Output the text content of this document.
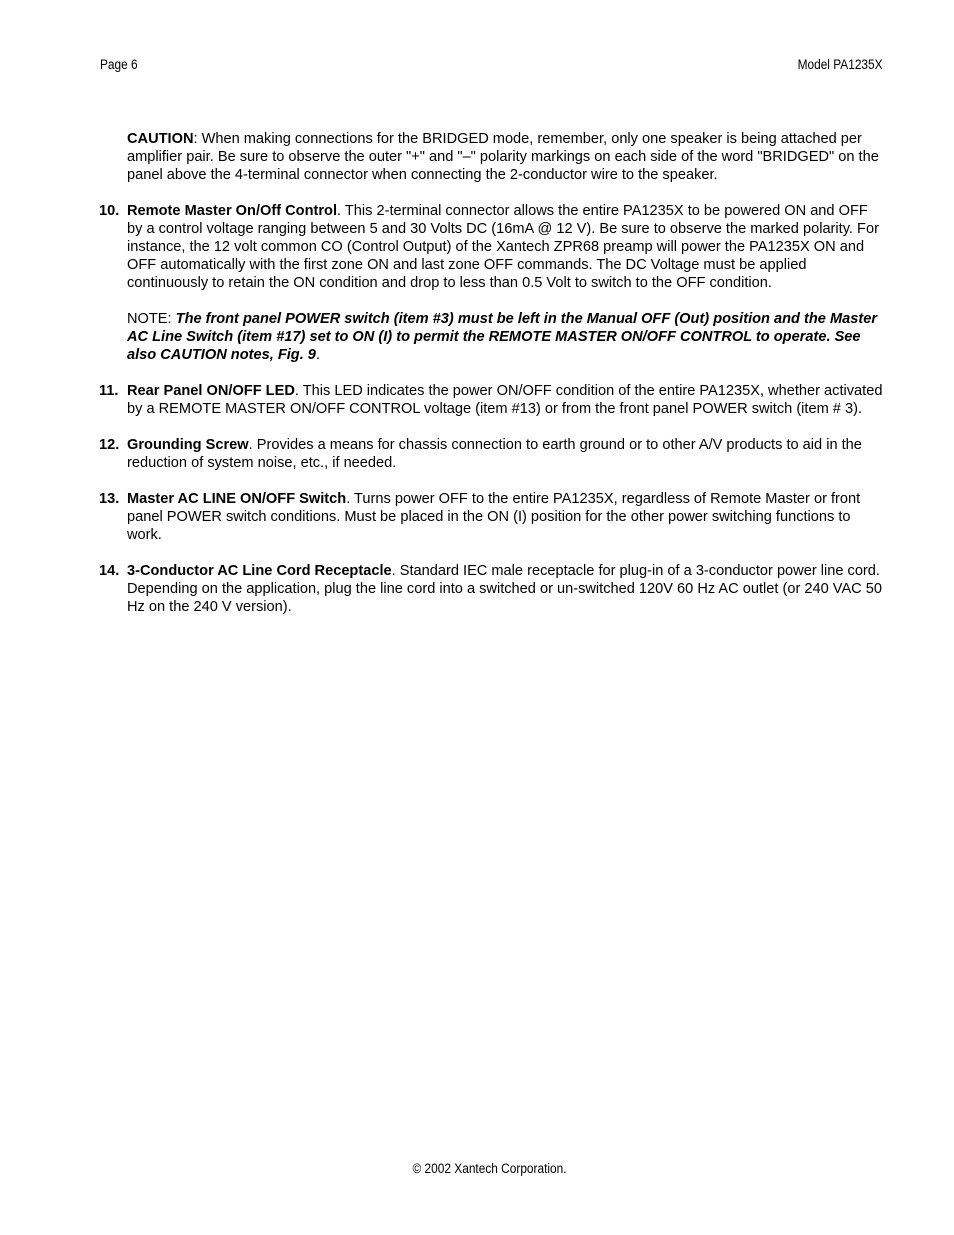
Page 6	Model PA1235X

CAUTION: When making connections for the BRIDGED mode, remember, only one speaker is being attached per amplifier pair. Be sure to observe the outer "+" and "–" polarity markings on each side of the word "BRIDGED" on the panel above the 4-terminal connector when connecting the 2-conductor wire to the speaker.

10. Remote Master On/Off Control. This 2-terminal connector allows the entire PA1235X to be powered ON and OFF by a control voltage ranging between 5 and 30 Volts DC (16mA @ 12 V). Be sure to observe the marked polarity. For instance, the 12 volt common CO (Control Output) of the Xantech ZPR68 preamp will power the PA1235X ON and OFF automatically with the first zone ON and last zone OFF commands. The DC Voltage must be applied continuously to retain the ON condition and drop to less than 0.5 Volt to switch to the OFF condition.
NOTE: The front panel POWER switch (item #3) must be left in the Manual OFF (Out) position and the Master AC Line Switch (item #17) set to ON (I) to permit the REMOTE MASTER ON/OFF CONTROL to operate. See also CAUTION notes, Fig. 9.
11. Rear Panel ON/OFF LED. This LED indicates the power ON/OFF condition of the entire PA1235X, whether activated by a REMOTE MASTER ON/OFF CONTROL voltage (item #13) or from the front panel POWER switch (item # 3).
12. Grounding Screw. Provides a means for chassis connection to earth ground or to other A/V products to aid in the reduction of system noise, etc., if needed.
13. Master AC LINE ON/OFF Switch. Turns power OFF to the entire PA1235X, regardless of Remote Master or front panel POWER switch conditions. Must be placed in the ON (I) position for the other power switching functions to work.
14. 3-Conductor AC Line Cord Receptacle. Standard IEC male receptacle for plug-in of a 3-conductor power line cord. Depending on the application, plug the line cord into a switched or un-switched 120V 60 Hz AC outlet (or 240 VAC 50 Hz on the 240 V version).
© 2002 Xantech Corporation.
